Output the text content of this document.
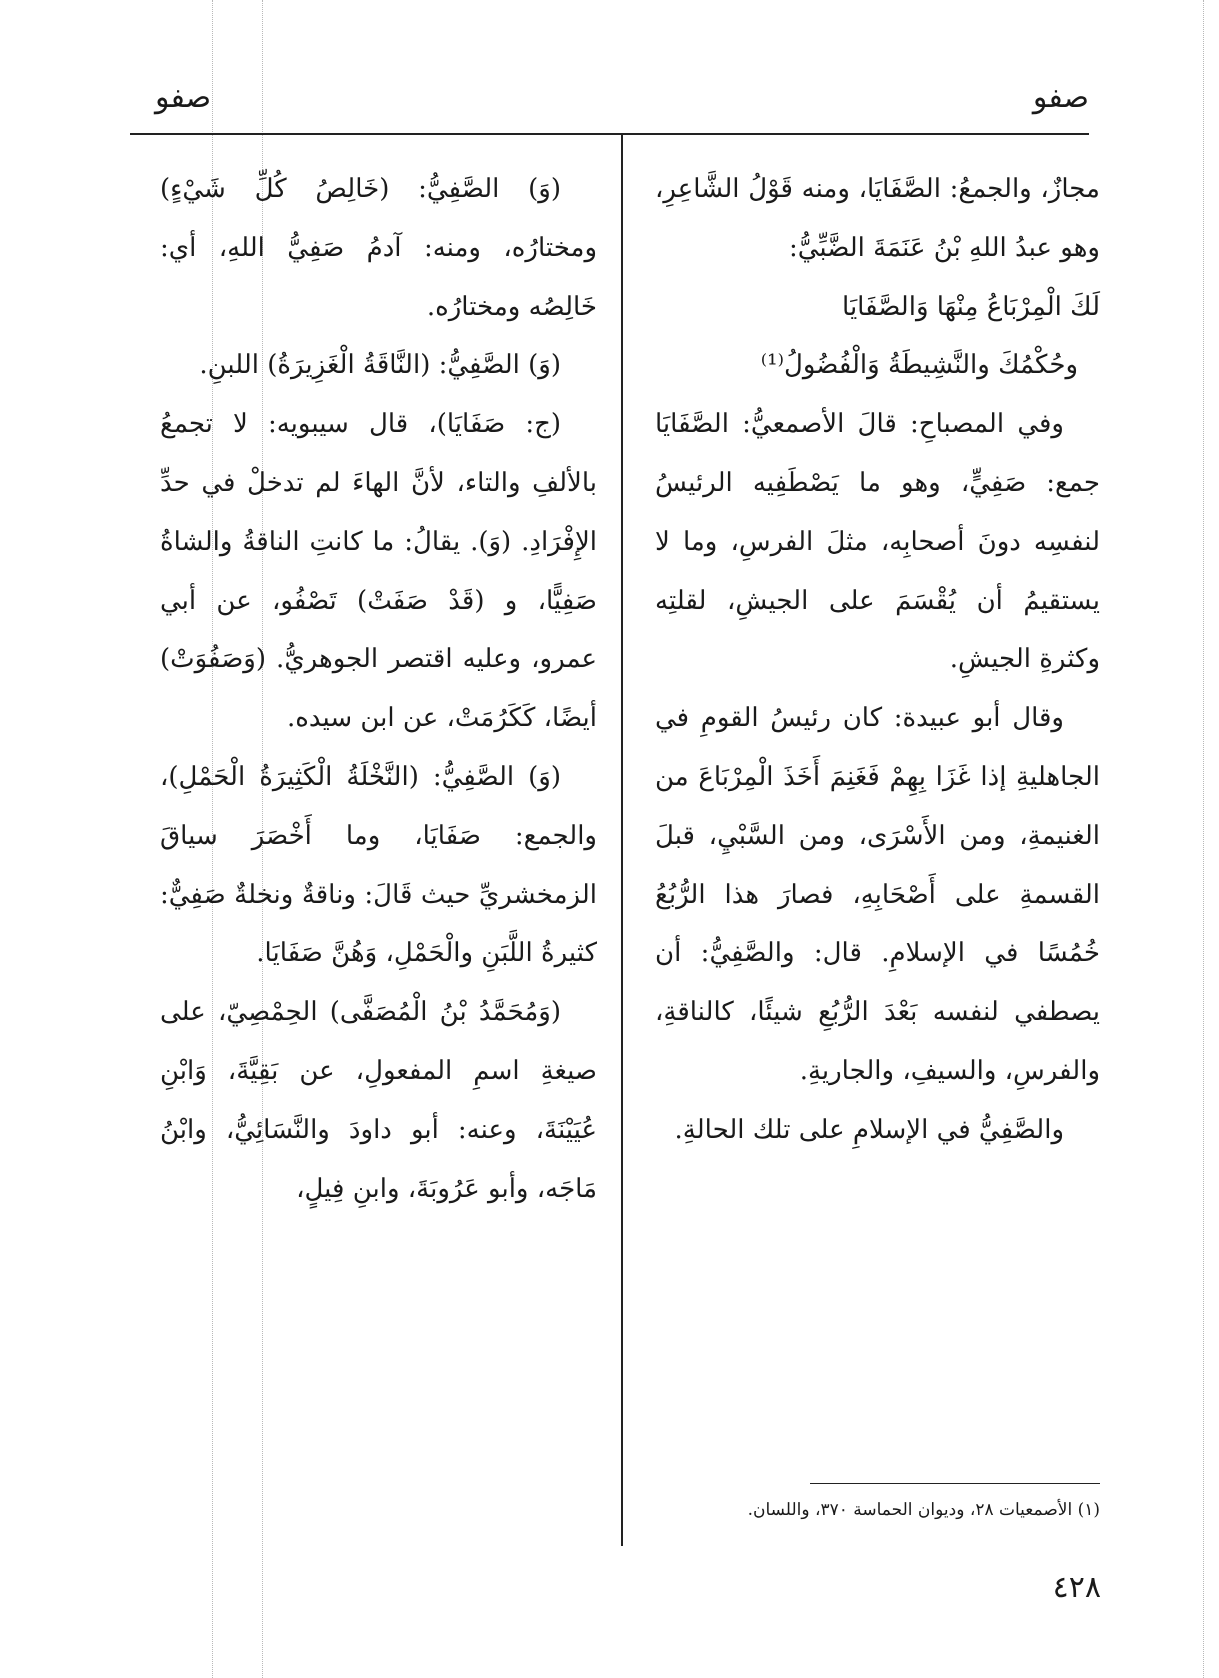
صفو
صفو

مجازٌ، والجمعُ: الصَّفَايَا، ومنه قَوْلُ الشَّاعِرِ، وهو عبدُ اللهِ بْنُ عَنَمَةَ الضَّبِّيُّ:

لَكَ الْمِرْبَاعُ مِنْهَا وَالصَّفَايَا

وحُكْمُكَ والنَّشِيطَةُ وَالْفُضُولُ⁽¹⁾

وفي المصباحِ: قالَ الأصمعيُّ: الصَّفَايَا جمع: صَفِيٍّ، وهو ما يَصْطَفِيه الرئيسُ لنفسِه دونَ أصحابِه، مثلَ الفرسِ، وما لا يستقيمُ أن يُقْسَمَ على الجيشِ، لقلتِه وكثرةِ الجيشِ.

وقال أبو عبيدة: كان رئيسُ القومِ في الجاهليةِ إذا غَزَا بِهِمْ فَغَنِمَ أَخَذَ الْمِرْبَاعَ من الغنيمةِ، ومن الأَسْرَى، ومن السَّبْيِ، قبلَ القسمةِ على أَصْحَابِهِ، فصارَ هذا الرُّبُعُ خُمُسًا في الإسلامِ. قال: والصَّفِيُّ: أن يصطفي لنفسه بَعْدَ الرُّبُعِ شيئًا، كالناقةِ، والفرسِ، والسيفِ، والجاريةِ.

والصَّفِيُّ في الإسلامِ على تلك الحالةِ.

(وَ) الصَّفِيُّ: (خَالِصُ كُلِّ شَيْءٍ) ومختارُه، ومنه: آدمُ صَفِيُّ اللهِ، أي: خَالِصُه ومختارُه.

(وَ) الصَّفِيُّ: (النَّاقَةُ الْغَزِيرَةُ) اللبنِ.

(ج: صَفَايَا)، قال سيبويه: لا تجمعُ بالألفِ والتاء، لأنَّ الهاءَ لم تدخلْ في حدِّ الإِفْرَادِ. (وَ). يقالُ: ما كانتِ الناقةُ والشاةُ صَفِيًّا، و (قَدْ صَفَتْ) تَصْفُو، عن أبي عمرو، وعليه اقتصر الجوهريُّ. (وَصَفُوَتْ) أيضًا، كَكَرُمَتْ، عن ابن سيده.

(وَ) الصَّفِيُّ: (النَّخْلَةُ الْكَثِيرَةُ الْحَمْلِ)، والجمع: صَفَايَا، وما أَخْصَرَ سياقَ الزمخشريِّ حيث قَالَ: وناقةٌ ونخلةٌ صَفِيٌّ: كثيرةُ اللَّبَنِ والْحَمْلِ، وَهُنَّ صَفَايَا.

(وَمُحَمَّدُ بْنُ الْمُصَفَّى) الحِمْصِيّ، على صيغةِ اسمِ المفعولِ، عن بَقِيَّةَ، وَابْنِ عُيَيْنَةَ، وعنه: أبو داودَ والنَّسَائِيُّ، وابْنُ مَاجَه، وأبو عَرُوبَةَ، وابنِ فِيلٍ،

(١) الأصمعيات ٢٨، وديوان الحماسة ٣٧٠، واللسان.
٤٢٨
